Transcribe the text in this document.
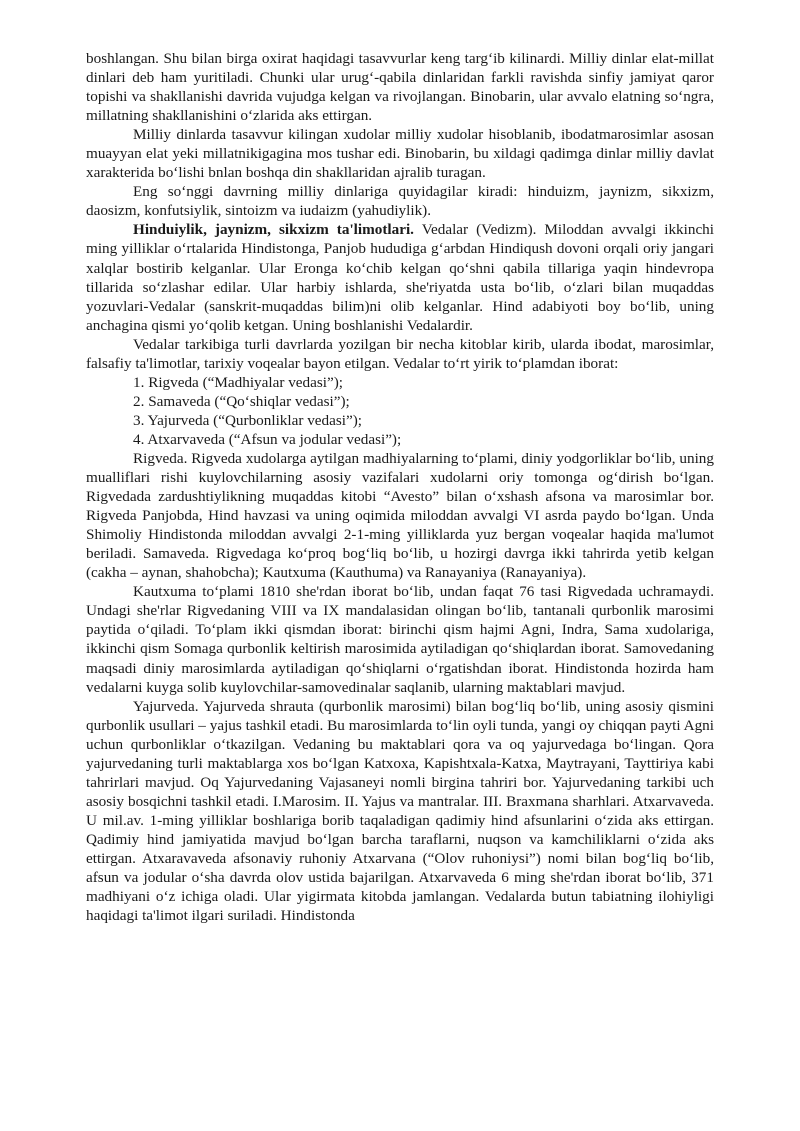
boshlangan. Shu bilan birga oxirat haqidagi tasavvurlar keng targ‘ib kilinardi. Milliy dinlar elat-millat dinlari deb ham yuritiladi. Chunki ular urug‘-qabila dinlaridan farkli ravishda sinfiy jamiyat qaror topishi va shakllanishi davrida vujudga kelgan va rivojlangan. Binobarin, ular avvalo elatning so‘ngra, millatning shakllanishini o‘zlarida aks ettirgan.

Milliy dinlarda tasavvur kilingan xudolar milliy xudolar hisoblanib, ibodatmarosimlar asosan muayyan elat yeki millatnikigagina mos tushar edi. Binobarin, bu xildagi qadimga dinlar milliy davlat xarakterida bo‘lishi bnlan boshqa din shakllaridan ajralib turagan.

Eng so‘nggi davrning milliy dinlariga quyidagilar kiradi: hinduizm, jaynizm, sikxizm, daosizm, konfutsiylik, sintoizm va iudaizm (yahudiylik).

Hinduiylik, jaynizm, sikxizm ta'limotlari. Vedalar (Vedizm). Miloddan avvalgi ikkinchi ming yilliklar o‘rtalarida Hindistonga, Panjob hududiga g‘arbdan Hindiqush dovoni orqali oriy jangari xalqlar bostirib kelganlar. Ular Eronga ko‘chib kelgan qo‘shni qabila tillariga yaqin hindevropa tillarida so‘zlashar edilar. Ular harbiy ishlarda, she'riyatda usta bo‘lib, o‘zlari bilan muqaddas yozuvlari-Vedalar (sanskrit-muqaddas bilim)ni olib kelganlar. Hind adabiyoti boy bo‘lib, uning anchagina qismi yo‘qolib ketgan. Uning boshlanishi Vedalardir.

Vedalar tarkibiga turli davrlarda yozilgan bir necha kitoblar kirib, ularda ibodat, marosimlar, falsafiy ta'limotlar, tarixiy voqealar bayon etilgan. Vedalar to‘rt yirik to‘plamdan iborat:

1. Rigveda (“Madhiyalar vedasi”);

2. Samaveda (“Qo‘shiqlar vedasi”);

3. Yajurveda (“Qurbonliklar vedasi”);

4. Atxarvaveda (“Afsun va jodular vedasi”);

Rigveda. Rigveda xudolarga aytilgan madhiyalarning to‘plami, diniy yodgorliklar bo‘lib, uning mualliflari rishi kuylovchilarning asosiy vazifalari xudolarni oriy tomonga og‘dirish bo‘lgan. Rigvedada zardushtiylikning muqaddas kitobi “Avesto” bilan o‘xshash afsona va marosimlar bor. Rigveda Panjobda, Hind havzasi va uning oqimida miloddan avvalgi VI asrda paydo bo‘lgan. Unda Shimoliy Hindistonda miloddan avvalgi 2-1-ming yilliklarda yuz bergan voqealar haqida ma'lumot beriladi. Samaveda. Rigvedaga ko‘proq bog‘liq bo‘lib, u hozirgi davrga ikki tahrirda yetib kelgan (cakha – aynan, shahobcha); Kautxuma (Kauthuma) va Ranayaniya (Ranayaniya).

Kautxuma to‘plami 1810 she'rdan iborat bo‘lib, undan faqat 76 tasi Rigvedada uchramaydi. Undagi she'rlar Rigvedaning VIII va IX mandalasidan olingan bo‘lib, tantanali qurbonlik marosimi paytida o‘qiladi. To‘plam ikki qismdan iborat: birinchi qism hajmi Agni, Indra, Sama xudolariga, ikkinchi qism Somaga qurbonlik keltirish marosimida aytiladigan qo‘shiqlardan iborat. Samovedaning maqsadi diniy marosimlarda aytiladigan qo‘shiqlarni o‘rgatishdan iborat. Hindistonda hozirda ham vedalarni kuyga solib kuylovchilar-samovedinalar saqlanib, ularning maktablari mavjud.

Yajurveda. Yajurveda shrauta (qurbonlik marosimi) bilan bog‘liq bo‘lib, uning asosiy qismini qurbonlik usullari – yajus tashkil etadi. Bu marosimlarda to‘lin oyli tunda, yangi oy chiqqan payti Agni uchun qurbonliklar o‘tkazilgan. Vedaning bu maktablari qora va oq yajurvedaga bo‘lingan. Qora yajurvedaning turli maktablarga xos bo‘lgan Katxoxa, Kapishtxala-Katxa, Maytrayani, Tayttiriya kabi tahrirlari mavjud. Oq Yajurvedaning Vajasaneyi nomli birgina tahriri bor. Yajurvedaning tarkibi uch asosiy bosqichni tashkil etadi. I.Marosim. II. Yajus va mantralar. III. Braxmana sharhlari. Atxarvaveda. U mil.av. 1-ming yilliklar boshlariga borib taqaladigan qadimiy hind afsunlarini o‘zida aks ettirgan. Qadimiy hind jamiyatida mavjud bo‘lgan barcha taraflarni, nuqson va kamchiliklarni o‘zida aks ettirgan. Atxaravaveda afsonaviy ruhoniy Atxarvana (“Olov ruhoniysi”) nomi bilan bog‘liq bo‘lib, afsun va jodular o‘sha davrda olov ustida bajarilgan. Atxarvaveda 6 ming she'rdan iborat bo‘lib, 371 madhiyani o‘z ichiga oladi. Ular yigirmata kitobda jamlangan. Vedalarda butun tabiatning ilohiyligi haqidagi ta'limot ilgari suriladi. Hindistonda
